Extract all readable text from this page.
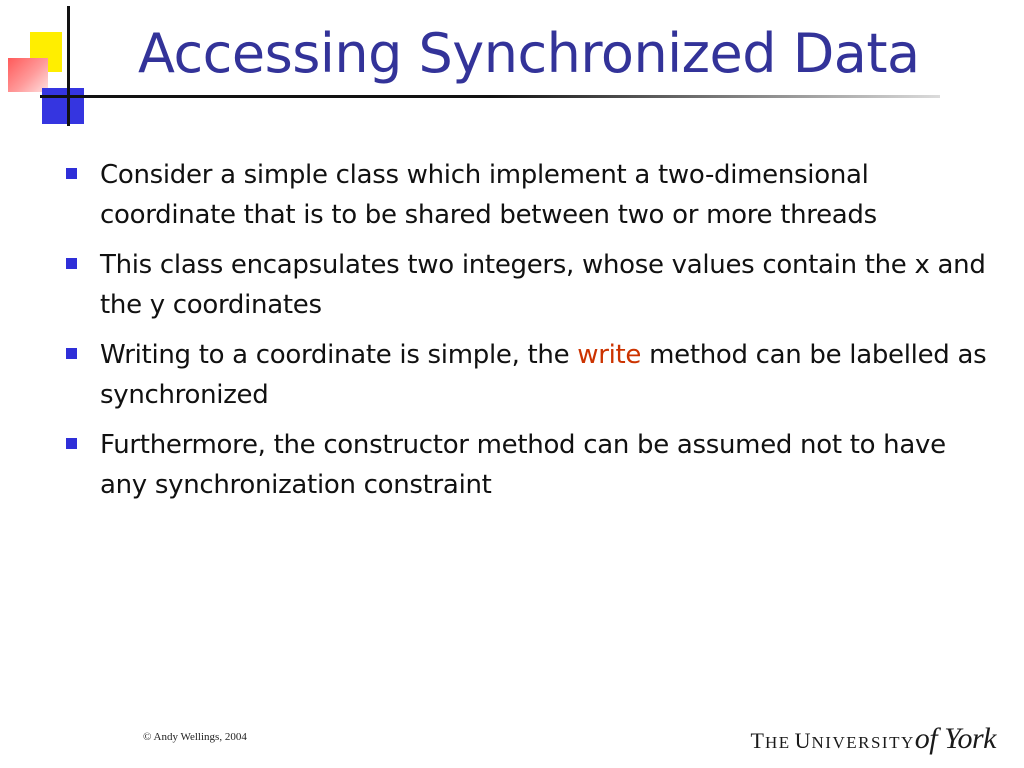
Accessing Synchronized Data
Consider a simple class which implement a two-dimensional coordinate that is to be shared between two or more threads
This class encapsulates two integers, whose values contain the x and the y coordinates
Writing to a coordinate is simple, the write method can be labelled as synchronized
Furthermore, the constructor method can be assumed not to have any synchronization constraint
© Andy Wellings, 2004	THE UNIVERSITYof York
